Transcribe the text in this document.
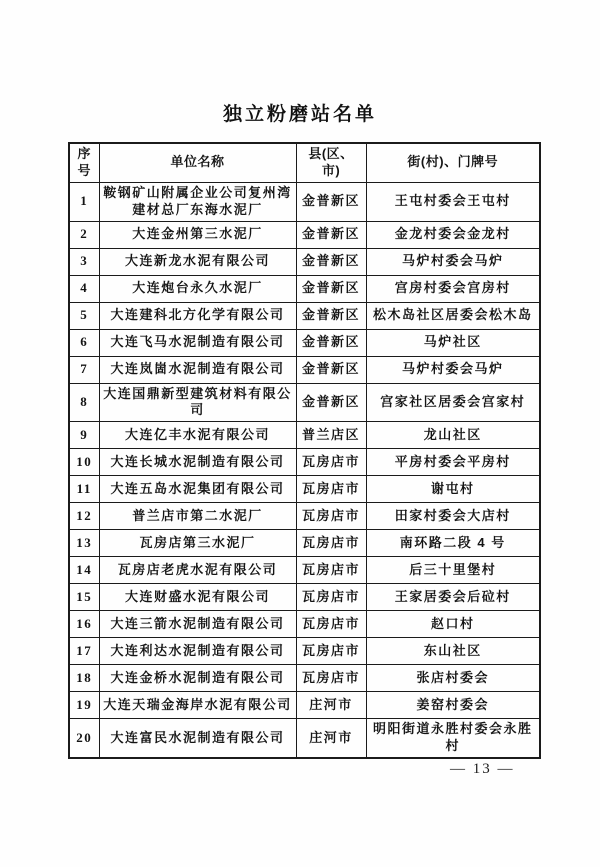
独立粉磨站名单
序号	单位名称	县(区、市)	街(村)、门牌号
1	鞍钢矿山附属企业公司复州湾建材总厂东海水泥厂	金普新区	王屯村委会王屯村
2	大连金州第三水泥厂	金普新区	金龙村委会金龙村
3	大连新龙水泥有限公司	金普新区	马炉村委会马炉
4	大连炮台永久水泥厂	金普新区	宫房村委会宫房村
5	大连建科北方化学有限公司	金普新区	松木岛社区居委会松木岛
6	大连飞马水泥制造有限公司	金普新区	马炉社区
7	大连岚崮水泥制造有限公司	金普新区	马炉村委会马炉
8	大连国鼎新型建筑材料有限公司	金普新区	宫家社区居委会宫家村
9	大连亿丰水泥有限公司	普兰店区	龙山社区
10	大连长城水泥制造有限公司	瓦房店市	平房村委会平房村
11	大连五岛水泥集团有限公司	瓦房店市	谢屯村
12	普兰店市第二水泥厂	瓦房店市	田家村委会大店村
13	瓦房店第三水泥厂	瓦房店市	南环路二段 4 号
14	瓦房店老虎水泥有限公司	瓦房店市	后三十里堡村
15	大连财盛水泥有限公司	瓦房店市	王家居委会后砬村
16	大连三箭水泥制造有限公司	瓦房店市	赵口村
17	大连利达水泥制造有限公司	瓦房店市	东山社区
18	大连金桥水泥制造有限公司	瓦房店市	张店村委会
19	大连天瑞金海岸水泥有限公司	庄河市	姜窑村委会
20	大连富民水泥制造有限公司	庄河市	明阳街道永胜村委会永胜村
— 13 —
